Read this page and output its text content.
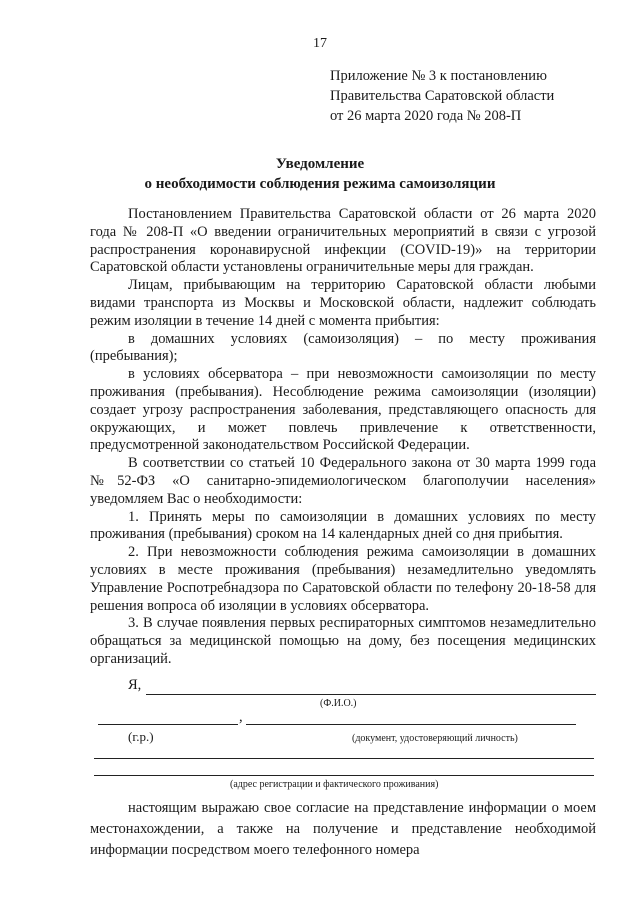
17
Приложение № 3 к постановлению
Правительства Саратовской области
от 26 марта 2020 года № 208-П
Уведомление
о необходимости соблюдения режима самоизоляции

Постановлением Правительства Саратовской области от 26 марта 2020 года № 208-П «О введении ограничительных мероприятий в связи с угрозой распространения коронавирусной инфекции (COVID-19)» на территории Саратовской области установлены ограничительные меры для граждан.

Лицам, прибывающим на территорию Саратовской области любыми видами транспорта из Москвы и Московской области, надлежит соблюдать режим изоляции в течение 14 дней с момента прибытия:

в домашних условиях (самоизоляция) – по месту проживания (пребывания);

в условиях обсерватора – при невозможности самоизоляции по месту проживания (пребывания). Несоблюдение режима самоизоляции (изоляции) создает угрозу распространения заболевания, представляющего опасность для окружающих, и может повлечь привлечение к ответственности, предусмотренной законодательством Российской Федерации.

В соответствии со статьей 10 Федерального закона от 30 марта 1999 года №52-ФЗ «О санитарно-эпидемиологическом благополучии населения» уведомляем Вас о необходимости:

1. Принять меры по самоизоляции в домашних условиях по месту проживания (пребывания) сроком на 14 календарных дней со дня прибытия.

2. При невозможности соблюдения режима самоизоляции в домашних условиях в месте проживания (пребывания) незамедлительно уведомлять Управление Роспотребнадзора по Саратовской области по телефону 20-18-58 для решения вопроса об изоляции в условиях обсерватора.

3. В случае появления первых респираторных симптомов незамедлительно обращаться за медицинской помощью на дому, без посещения медицинских организаций.

Я,
(Ф.И.О.)
,
(г.р.)	(документ, удостоверяющий личность)
(адрес регистрации и фактического проживания)

настоящим выражаю свое согласие на представление информации о моем местонахождении, а также на получение и представление необходимой информации посредством моего телефонного номера
